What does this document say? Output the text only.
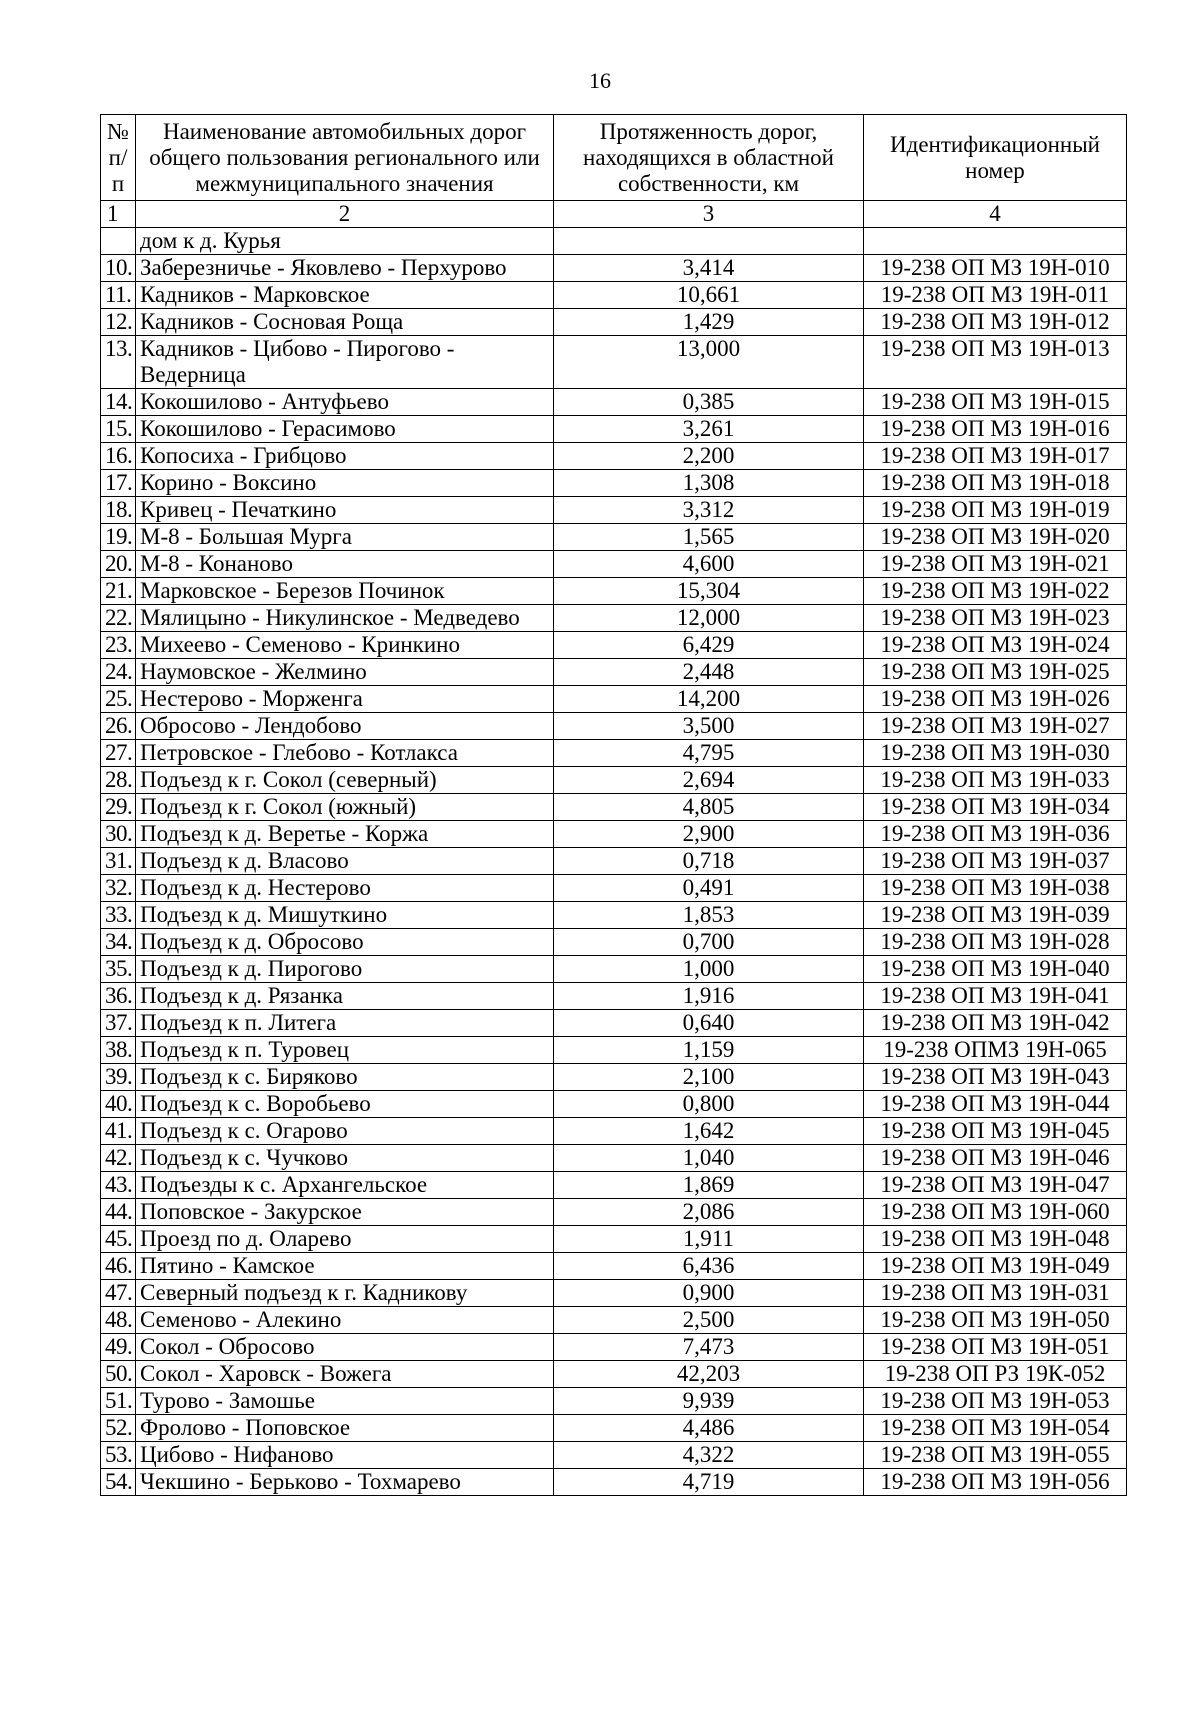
16
№ п/п	Наименование автомобильных дорог общего пользования регионального или межмуниципального значения	Протяженность дорог, находящихся в областной собственности, км	Идентификационный номер
1	2	3	4
	дом к д. Курья		
10.	Заберезничье - Яковлево - Перхурово	3,414	19-238 ОП МЗ 19Н-010
11.	Кадников - Марковское	10,661	19-238 ОП МЗ 19Н-011
12.	Кадников - Сосновая Роща	1,429	19-238 ОП МЗ 19Н-012
13.	Кадников - Цибово - Пирогово - Ведерница	13,000	19-238 ОП МЗ 19Н-013
14.	Кокошилово - Антуфьево	0,385	19-238 ОП МЗ 19Н-015
15.	Кокошилово - Герасимово	3,261	19-238 ОП МЗ 19Н-016
16.	Копосиха - Грибцово	2,200	19-238 ОП МЗ 19Н-017
17.	Корино - Воксино	1,308	19-238 ОП МЗ 19Н-018
18.	Кривец - Печаткино	3,312	19-238 ОП МЗ 19Н-019
19.	М-8 - Большая Мурга	1,565	19-238 ОП МЗ 19Н-020
20.	М-8 - Конаново	4,600	19-238 ОП МЗ 19Н-021
21.	Марковское - Березов Починок	15,304	19-238 ОП МЗ 19Н-022
22.	Мялицыно - Никулинское - Медведево	12,000	19-238 ОП МЗ 19Н-023
23.	Михеево - Семеново - Кринкино	6,429	19-238 ОП МЗ 19Н-024
24.	Наумовское - Желмино	2,448	19-238 ОП МЗ 19Н-025
25.	Нестерово - Морженга	14,200	19-238 ОП МЗ 19Н-026
26.	Обросово - Лендобово	3,500	19-238 ОП МЗ 19Н-027
27.	Петровское - Глебово - Котлакса	4,795	19-238 ОП МЗ 19Н-030
28.	Подъезд к г. Сокол (северный)	2,694	19-238 ОП МЗ 19Н-033
29.	Подъезд к г. Сокол (южный)	4,805	19-238 ОП МЗ 19Н-034
30.	Подъезд к д. Веретье - Коржа	2,900	19-238 ОП МЗ 19Н-036
31.	Подъезд к д. Власово	0,718	19-238 ОП МЗ 19Н-037
32.	Подъезд к д. Нестерово	0,491	19-238 ОП МЗ 19Н-038
33.	Подъезд к д. Мишуткино	1,853	19-238 ОП МЗ 19Н-039
34.	Подъезд к д. Обросово	0,700	19-238 ОП МЗ 19Н-028
35.	Подъезд к д. Пирогово	1,000	19-238 ОП МЗ 19Н-040
36.	Подъезд к д. Рязанка	1,916	19-238 ОП МЗ 19Н-041
37.	Подъезд к п. Литега	0,640	19-238 ОП МЗ 19Н-042
38.	Подъезд к п. Туровец	1,159	19-238 ОПМЗ 19Н-065
39.	Подъезд к с. Биряково	2,100	19-238 ОП МЗ 19Н-043
40.	Подъезд к с. Воробьево	0,800	19-238 ОП МЗ 19Н-044
41.	Подъезд к с. Огарово	1,642	19-238 ОП МЗ 19Н-045
42.	Подъезд к с. Чучково	1,040	19-238 ОП МЗ 19Н-046
43.	Подъезды к с. Архангельское	1,869	19-238 ОП МЗ 19Н-047
44.	Поповское - Закурское	2,086	19-238 ОП МЗ 19Н-060
45.	Проезд по д. Оларево	1,911	19-238 ОП МЗ 19Н-048
46.	Пятино - Камское	6,436	19-238 ОП МЗ 19Н-049
47.	Северный подъезд к г. Кадникову	0,900	19-238 ОП МЗ 19Н-031
48.	Семеново - Алекино	2,500	19-238 ОП МЗ 19Н-050
49.	Сокол - Обросово	7,473	19-238 ОП МЗ 19Н-051
50.	Сокол - Харовск - Вожега	42,203	19-238 ОП РЗ 19К-052
51.	Турово - Замошье	9,939	19-238 ОП МЗ 19Н-053
52.	Фролово - Поповское	4,486	19-238 ОП МЗ 19Н-054
53.	Цибово - Нифаново	4,322	19-238 ОП МЗ 19Н-055
54.	Чекшино - Берьково - Тохмарево	4,719	19-238 ОП МЗ 19Н-056
